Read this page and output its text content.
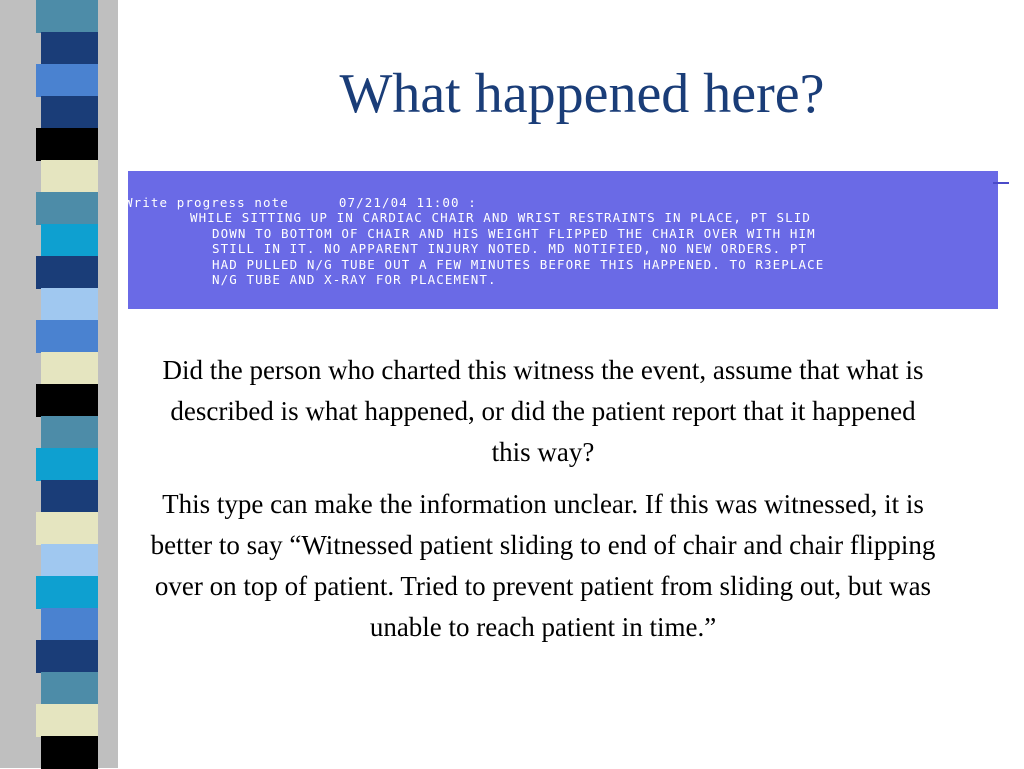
What happened here?
Write progress note	07/21/04 11:00 :
WHILE SITTING UP IN CARDIAC CHAIR AND WRIST RESTRAINTS IN PLACE, PT SLID
DOWN TO BOTTOM OF CHAIR AND HIS WEIGHT FLIPPED THE CHAIR OVER WITH HIM
STILL IN IT. NO APPARENT INJURY NOTED. MD NOTIFIED, NO NEW ORDERS. PT
HAD PULLED N/G TUBE OUT A FEW MINUTES BEFORE THIS HAPPENED. TO R3EPLACE
N/G TUBE AND X-RAY FOR PLACEMENT.

Did the person who charted this witness the event, assume that what is described is what happened, or did the patient report that it happened this way?

This type can make the information unclear. If this was witnessed, it is better to say “Witnessed patient sliding to end of chair and chair flipping over on top of patient. Tried to prevent patient from sliding out, but was unable to reach patient in time.”
